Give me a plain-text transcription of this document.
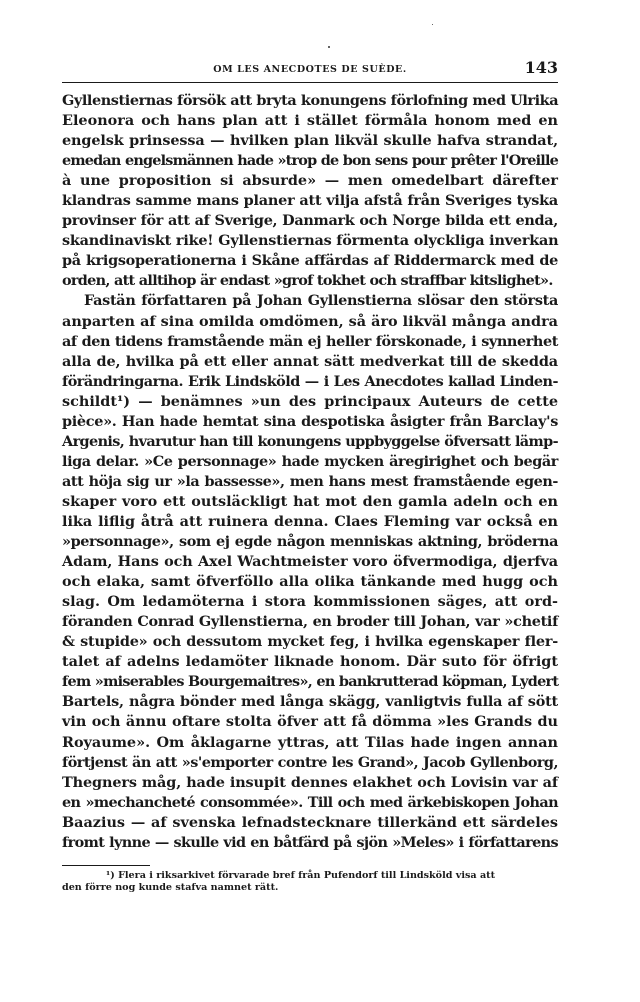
OM LES ANECDOTES DE SUÈDE.	143
Gyllenstiernas försök att bryta konungens förlofning med Ulrika
Eleonora och hans plan att i stället förmåla honom med en
engelsk prinsessa — hvilken plan likväl skulle hafva strandat,
emedan engelsmännen hade »trop de bon sens pour prêter l'Oreille
à une proposition si absurde» — men omedelbart därefter
klandras samme mans planer att vilja afstå från Sveriges tyska
provinser för att af Sverige, Danmark och Norge bilda ett enda,
skandinaviskt rike! Gyllenstiernas förmenta olyckliga inverkan
på krigsoperationerna i Skåne affärdas af Riddermarck med de
orden, att alltihop är endast »grof tokhet och straffbar kitslighet».
Fastän författaren på Johan Gyllenstierna slösar den största
anparten af sina omilda omdömen, så äro likväl många andra
af den tidens framstående män ej heller förskonade, i synnerhet
alla de, hvilka på ett eller annat sätt medverkat till de skedda
förändringarna. Erik Lindsköld — i Les Anecdotes kallad Linden-
schildt¹) — benämnes »un des principaux Auteurs de cette
pièce». Han hade hemtat sina despotiska åsigter från Barclay's
Argenis, hvarutur han till konungens uppbyggelse öfversatt lämp-
liga delar. »Ce personnage» hade mycken äregirighet och begär
att höja sig ur »la bassesse», men hans mest framstående egen-
skaper voro ett outsläckligt hat mot den gamla adeln och en
lika liflig åtrå att ruinera denna. Claes Fleming var också en
»personnage», som ej egde någon menniskas aktning, bröderna
Adam, Hans och Axel Wachtmeister voro öfvermodiga, djerfva
och elaka, samt öfverföllo alla olika tänkande med hugg och
slag. Om ledamöterna i stora kommissionen säges, att ord-
föranden Conrad Gyllenstierna, en broder till Johan, var »chetif
& stupide» och dessutom mycket feg, i hvilka egenskaper fler-
talet af adelns ledamöter liknade honom. Där suto för öfrigt
fem »miserables Bourgemaitres», en bankrutterad köpman, Lydert
Bartels, några bönder med långa skägg, vanligtvis fulla af sött
vin och ännu oftare stolta öfver att få dömma »les Grands du
Royaume». Om åklagarne yttras, att Tilas hade ingen annan
förtjenst än att »s'emporter contre les Grand», Jacob Gyllenborg,
Thegners måg, hade insupit dennes elakhet och Lovisin var af
en »mechancheté consommée». Till och med ärkebiskopen Johan
Baazius — af svenska lefnadstecknare tillerkänd ett särdeles
fromt lynne — skulle vid en båtfärd på sjön »Meles» i författarens
¹) Flera i riksarkivet förvarade bref från Pufendorf till Lindsköld visa att
den förre nog kunde stafva namnet rätt.
